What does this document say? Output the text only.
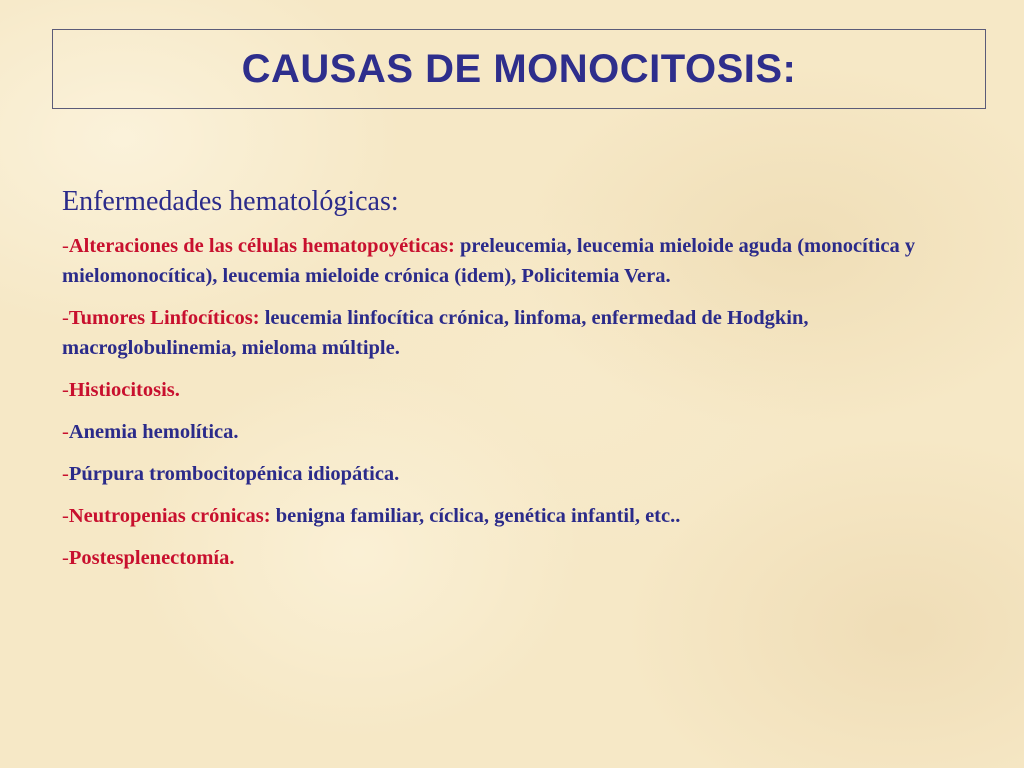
CAUSAS DE MONOCITOSIS:
Enfermedades hematológicas:

-Alteraciones de las células hematopoyéticas: preleucemia, leucemia mieloide aguda (monocítica y mielomonocítica), leucemia mieloide crónica (idem), Policitemia Vera.

-Tumores Linfocíticos: leucemia linfocítica crónica, linfoma, enfermedad de Hodgkin, macroglobulinemia, mieloma múltiple.

-Histiocitosis.

-Anemia hemolítica.

-Púrpura trombocitopénica idiopática.

-Neutropenias crónicas: benigna familiar, cíclica, genética infantil, etc..

-Postesplenectomía.
